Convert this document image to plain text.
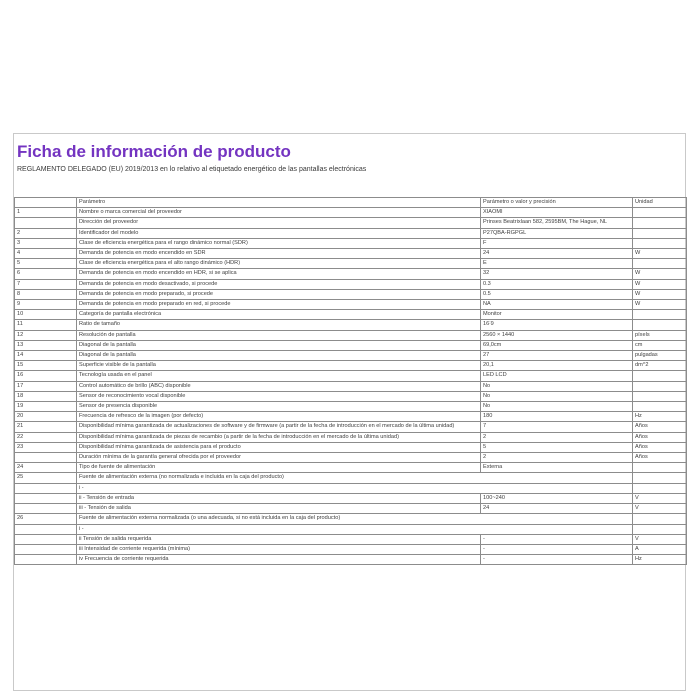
Ficha de información de producto
REGLAMENTO DELEGADO (EU) 2019/2013 en lo relativo al etiquetado energético de las pantallas electrónicas
	Parámetro	Parámetro o valor y precisión	Unidad
1	Nombre o marca comercial del proveedor	XIAOMI	
	Dirección del proveedor	Prinses Beatrixlaan 582, 2595BM, The Hague, NL	
2	Identificador del modelo	P27QBA-RGPGL	
3	Clase de eficiencia energética para el rango dinámico normal (SDR)	F	
4	Demanda de potencia en modo encendido en SDR	24	W
5	Clase de eficiencia energética para el alto rango dinámico (HDR)	E	
6	Demanda de potencia en modo encendido en HDR, si se aplica	32	W
7	Demanda de potencia en modo desactivado, si procede	0.3	W
8	Demanda de potencia en modo preparado, si procede	0.5	W
9	Demanda de potencia en modo preparado en red, si procede	NA	W
10	Categoría de pantalla electrónica	Monitor	
11	Ratio de tamaño	16∶9	
12	Resolución de pantalla	2560 × 1440	píxels
13	Diagonal de la pantalla	69,0cm	cm
14	Diagonal de la pantalla	27	pulgadas
15	Superficie visible de la pantalla	20,1	dm^2
16	Tecnología usada en el panel	LED LCD	
17	Control automático de brillo (ABC) disponible	No	
18	Sensor de reconocimiento vocal disponible	No	
19	Sensor de presencia disponible	No	
20	Frecuencia de refresco de la imagen (por defecto)	180	Hz
21	Disponibilidad mínima garantizada de actualizaciones de software y de firmware (a partir de la fecha de introducción en el mercado de la última unidad)	7	Años
22	Disponibilidad mínima garantizada de piezas de recambio (a partir de la fecha de introducción en el mercado de la última unidad)	2	Años
23	Disponibilidad mínima garantizada de asistencia para el producto	5	Años
	Duración mínima de la garantía general ofrecida por el proveedor	2	Años
24	Tipo de fuente de alimentación	Externa	
25	Fuente de alimentación externa (no normalizada e incluida en la caja del producto)		
	i -		
	ii - Tensión de entrada	100~240	V
	iii - Tensión de salida	24	V
26	Fuente de alimentación externa normalizada (o una adecuada, si no está incluida en la caja del producto)		
	i -		
	ii Tensión de salida requerida	-	V
	iii Intensidad de corriente requerida (mínima)	-	A
	iv Frecuencia de corriente requerida	-	Hz
